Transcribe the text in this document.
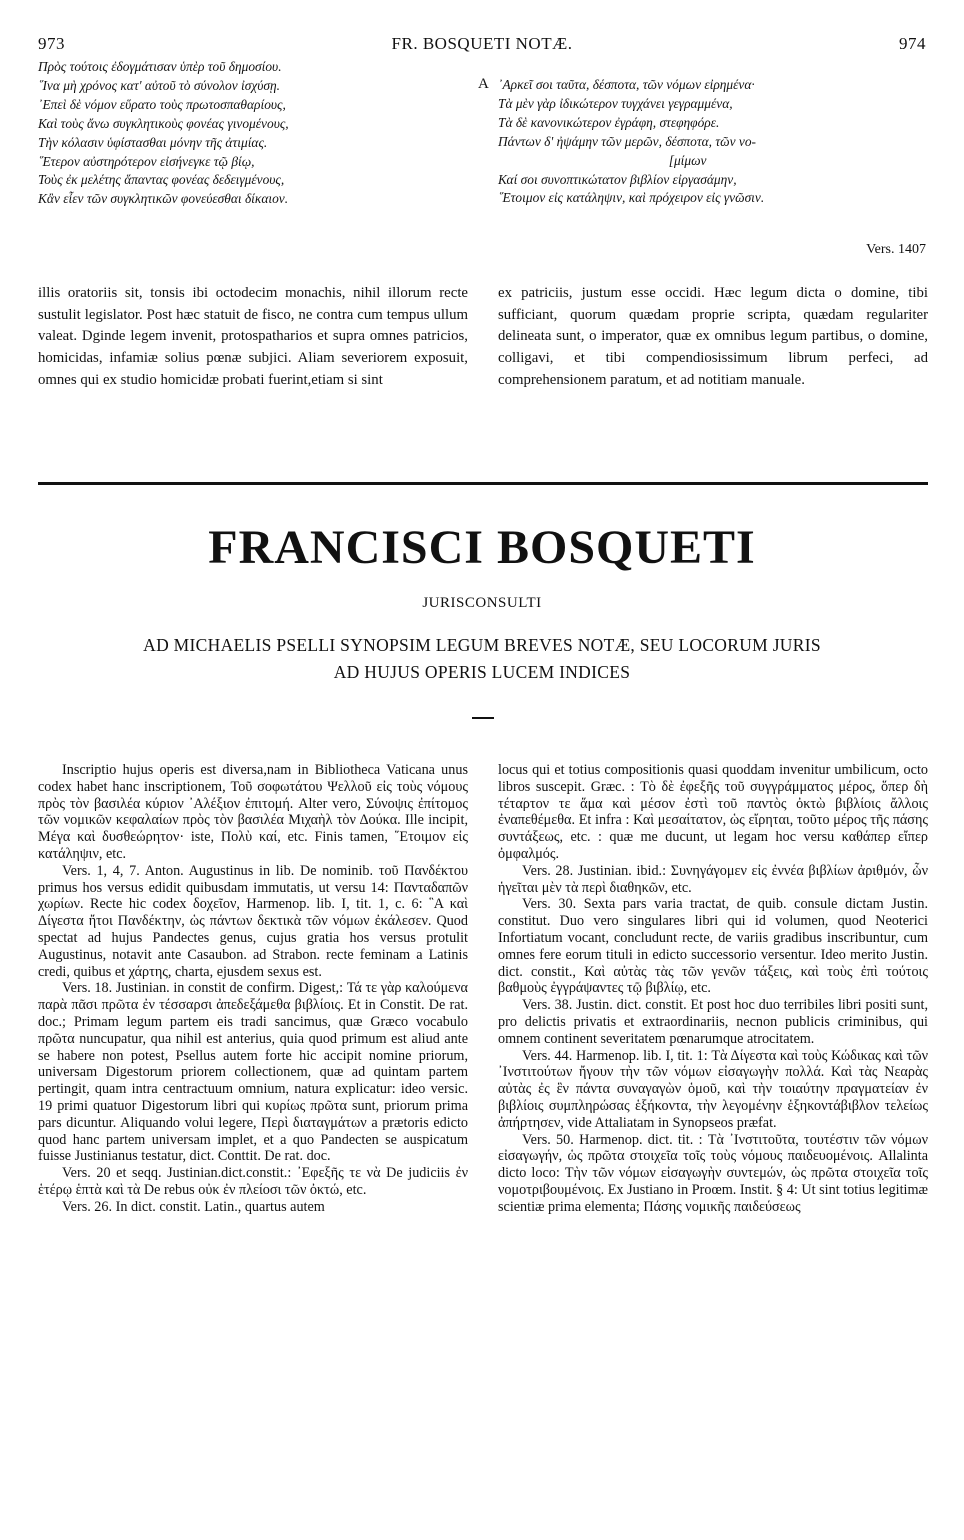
973	FR. BOSQUETI NOTÆ.	974
Πρὸς τούτοις ἐδογμάτισαν ὑπὲρ τοῦ δημοσίου.
῞Ινα μὴ χρόνος κατ' αὐτοῦ τὸ σύνολον ἰσχύσῃ.
᾿Επεὶ δὲ νόμον εὕρατο τοὺς πρωτοσπαθαρίους,
Καὶ τοὺς ἄνω συγκλητικοὺς φονέας γινομένους,
Τὴν κόλασιν ὑφίστασθαι μόνην τῆς ἀτιμίας.
῞Ετερον αὐστηρότερον εἰσήνεγκε τῷ βίῳ,
Τοὺς ἐκ μελέτης ἅπαντας φονέας δεδειγμένους,
Κἂν εἶεν τῶν συγκλητικῶν φονεύεσθαι δίκαιον.
A ᾿Αρκεῖ σοι ταῦτα, δέσποτα, τῶν νόμων εἰρημένα·
Τὰ μὲν γὰρ ἰδικώτερον τυγχάνει γεγραμμένα,
Τὰ δὲ κανονικώτερον ἐγράφη, στεφηφόρε.
Πάντων δ' ἠψάμην τῶν μερῶν, δέσποτα, τῶν νο-
[μίμων
Καί σοι συνοπτικώτατον βιβλίον εἰργασάμην,
῞Ετοιμον εἰς κατάληψιν, καὶ πρόχειρον εἰς γνῶσιν.
Vers. 1407
illis oratoriis sit, tonsis ibi octodecim monachis, nihil illorum recte sustulit legislator. Post hæc statuit de fisco, ne contra cum tempus ullum valeat. Dginde legem invenit, protospatharios et supra omnes patricios, homicidas, infamiæ solius pœnæ subjici. Aliam severiorem exposuit, omnes qui ex studio homicidæ probati fuerint,etiam si sint
ex patriciis, justum esse occidi. Hæc legum dicta o domine, tibi sufficiant, quorum quædam proprie scripta, quædam regulariter delineata sunt, o imperator, quæ ex omnibus legum partibus, o domine, colligavi, et tibi compendiosissimum librum perfeci, ad comprehensionem paratum, et ad notitiam manuale.
FRANCISCI BOSQUETI
JURISCONSULTI
AD MICHAELIS PSELLI SYNOPSIM LEGUM BREVES NOTÆ, SEU LOCORUM JURIS
AD HUJUS OPERIS LUCEM INDICES

Inscriptio hujus operis est diversa,nam in Bibliotheca Vaticana unus codex habet hanc inscriptionem, Τοῦ σοφωτάτου Ψελλοῦ εἰς τοὺς νόμους πρὸς τὸν βασιλέα κύριον ᾿Αλέξιον ἐπιτομή. Alter vero, Σύνοψις ἐπίτομος τῶν νομικῶν κεφαλαίων πρὸς τὸν βασιλέα Μιχαὴλ τὸν Δούκα. Ille incipit, Μέγα καὶ δυσθεώρητον· iste, Πολὺ καί, etc. Finis tamen, ῞Ετοιμον εἰς κατάληψιν, etc.

Vers. 1, 4, 7. Anton. Augustinus in lib. De nominib. τοῦ Πανδέκτου primus hos versus edidit quibusdam immutatis, ut versu 14: Πανταδαπῶν χωρίων. Recte hic codex δοχεῖον, Harmenop. lib. I, tit. 1, c. 6: ῝Α καὶ Δίγεστα ἤτοι Πανδέκτην, ὡς πάντων δεκτικὰ τῶν νόμων ἐκάλεσεν. Quod spectat ad hujus Pandectes genus, cujus gratia hos versus protulit Augustinus, notavit ante Casaubon. ad Strabon. recte feminam a Latinis credi, quibus et χάρτης, charta, ejusdem sexus est.

Vers. 18. Justinian. in constit de confirm. Digest,: Τά τε γὰρ καλούμενα παρὰ πᾶσι πρῶτα ἐν τέσσαρσι ἀπεδεξάμεθα βιβλίοις. Et in Constit. De rat. doc.; Primam legum partem eis tradi sancimus, quæ Græco vocabulo πρῶτα nuncupatur, qua nihil est anterius, quia quod primum est aliud ante se habere non potest, Psellus autem forte hic accipit nomine priorum, universam Digestorum priorem collectionem, quæ ad quintam partem pertingit, quam intra centractuum omnium, natura explicatur: ideo versic. 19 primi quatuor Digestorum libri qui κυρίως πρῶτα sunt, priorum prima pars dicuntur. Aliquando volui legere, Περὶ διαταγμάτων a prætoris edicto quod hanc partem universam implet, et a quo Pandecten se auspicatum fuisse Justinianus testatur, dict. Conttit. De rat. doc.

Vers. 20 et seqq. Justinian.dict.constit.: ᾿Εφεξῆς τε νὰ De judiciis ἐν ἑτέρῳ ἑπτὰ καὶ τὰ De rebus οὐκ ἐν πλείοσι τῶν ὀκτώ, etc.

Vers. 26. In dict. constit. Latin., quartus autem

locus qui et totius compositionis quasi quoddam invenitur umbilicum, octo libros suscepit. Græc. : Τὸ δὲ ἐφεξῆς τοῦ συγγράμματος μέρος, ὅπερ δὴ τέταρτον τε ἅμα καὶ μέσον ἐστὶ τοῦ παντὸς ὀκτὼ βιβλίοις ἄλλοις ἐναπεθέμεθα. Et infra : Καὶ μεσαίτατον, ὡς εἴρηται, τοῦτο μέρος τῆς πάσης συντάξεως, etc. : quæ me ducunt, ut legam hoc versu καθάπερ εἴπερ ὀμφαλμός.

Vers. 28. Justinian. ibid.: Συνηγάγομεν εἰς ἐννέα βιβλίων ἀριθμόν, ὧν ἡγεῖται μὲν τὰ περὶ διαθηκῶν, etc.

Vers. 30. Sexta pars varia tractat, de quib. consule dictam Justin. constitut. Duo vero singulares libri qui id volumen, quod Neoterici Infortiatum vocant, concludunt recte, de variis gradibus inscribuntur, cum omnes fere eorum tituli in edicto successorio versentur. Ideo merito Justin. dict. constit., Καὶ αὐτὰς τὰς τῶν γενῶν τάξεις, καὶ τοὺς ἐπὶ τούτοις βαθμοὺς ἐγγράψαντες τῷ βιβλίῳ, etc.

Vers. 38. Justin. dict. constit. Et post hoc duo terribiles libri positi sunt, pro delictis privatis et extraordinariis, necnon publicis criminibus, qui omnem continent severitatem pœnarumque atrocitatem.

Vers. 44. Harmenop. lib. I, tit. 1: Τὰ Δίγεστα καὶ τοὺς Κώδικας καὶ τῶν ᾿Ινστιτούτων ἤγουν τὴν τῶν νόμων εἰσαγωγὴν πολλά. Καὶ τὰς Νεαρὰς αὐτὰς ἐς ἓν πάντα συναγαγὼν ὁμοῦ, καὶ τὴν τοιαύτην πραγματείαν ἐν βιβλίοις συμπληρώσας ἑξήκοντα, τὴν λεγομένην ἑξηκοντάβιβλον τελείως ἀπήρτησεν, vide Attaliatam in Synopseos præfat.

Vers. 50. Harmenop. dict. tit. : Τὰ ᾿Ινστιτοῦτα, τουτέστιν τῶν νόμων εἰσαγωγήν, ὡς πρῶτα στοιχεῖα τοῖς τοὺς νόμους παιδευομένοις. Allalinta dicto loco: Τὴν τῶν νόμων εἰσαγωγὴν συντεμών, ὡς πρῶτα στοιχεῖα τοῖς νομοτριβουμένοις. Ex Justiano in Proœm. Instit. § 4: Ut sint totius legitimæ scientiæ prima elementa; Πάσης νομικῆς παιδεύσεως
